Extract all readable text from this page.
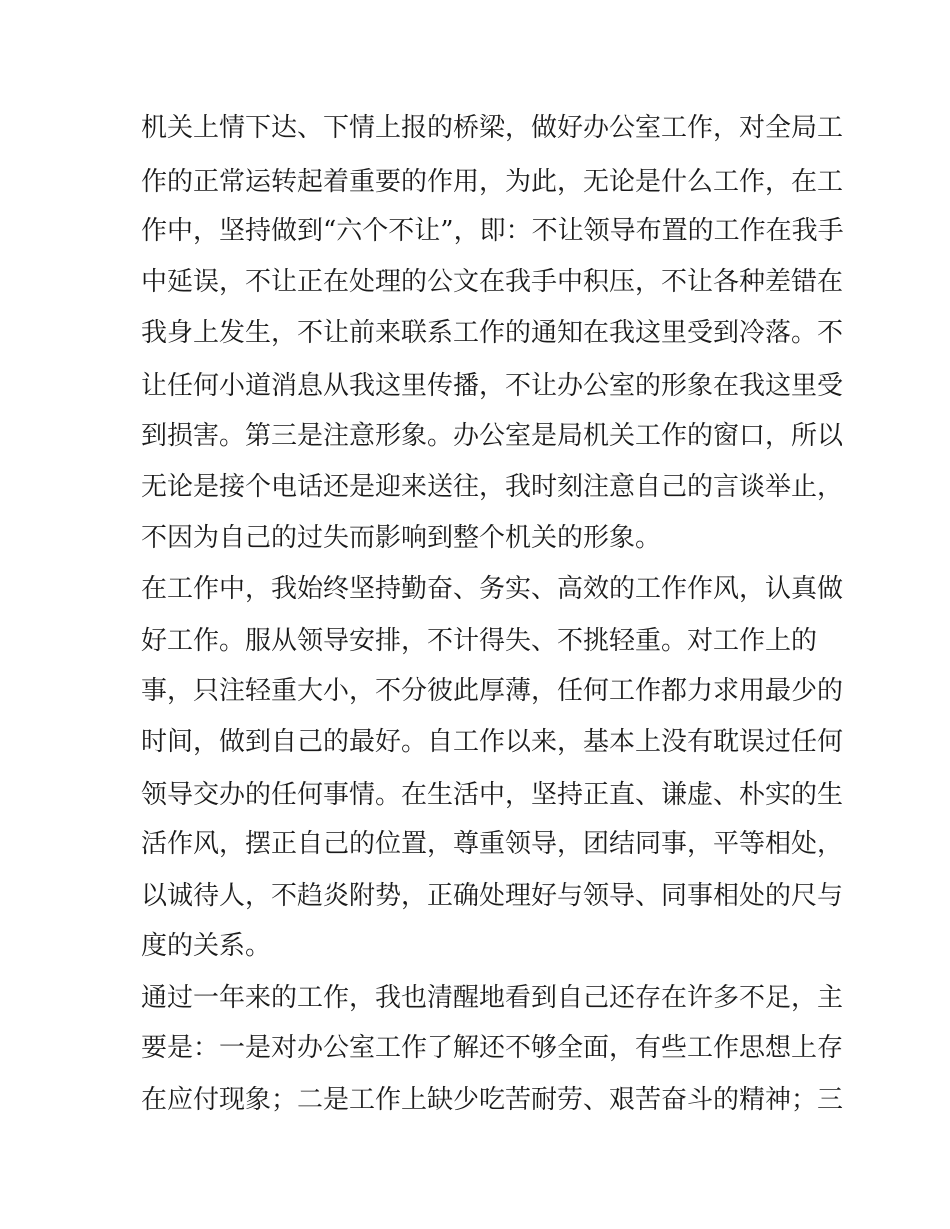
机关上情下达、下情上报的桥梁，做好办公室工作，对全局工
作的正常运转起着重要的作用，为此，无论是什么工作，在工
作中，坚持做到“六个不让”，即：不让领导布置的工作在我手
中延误，不让正在处理的公文在我手中积压，不让各种差错在
我身上发生，不让前来联系工作的通知在我这里受到冷落。不
让任何小道消息从我这里传播，不让办公室的形象在我这里受
到损害。第三是注意形象。办公室是局机关工作的窗口，所以
无论是接个电话还是迎来送往，我时刻注意自己的言谈举止，
不因为自己的过失而影响到整个机关的形象。
在工作中，我始终坚持勤奋、务实、高效的工作作风，认真做
好工作。服从领导安排，不计得失、不挑轻重。对工作上的
事，只注轻重大小，不分彼此厚薄，任何工作都力求用最少的
时间，做到自己的最好。自工作以来，基本上没有耽误过任何
领导交办的任何事情。在生活中，坚持正直、谦虚、朴实的生
活作风，摆正自己的位置，尊重领导，团结同事，平等相处，
以诚待人，不趋炎附势，正确处理好与领导、同事相处的尺与
度的关系。
通过一年来的工作，我也清醒地看到自己还存在许多不足，主
要是：一是对办公室工作了解还不够全面，有些工作思想上存
在应付现象；二是工作上缺少吃苦耐劳、艰苦奋斗的精神；三
